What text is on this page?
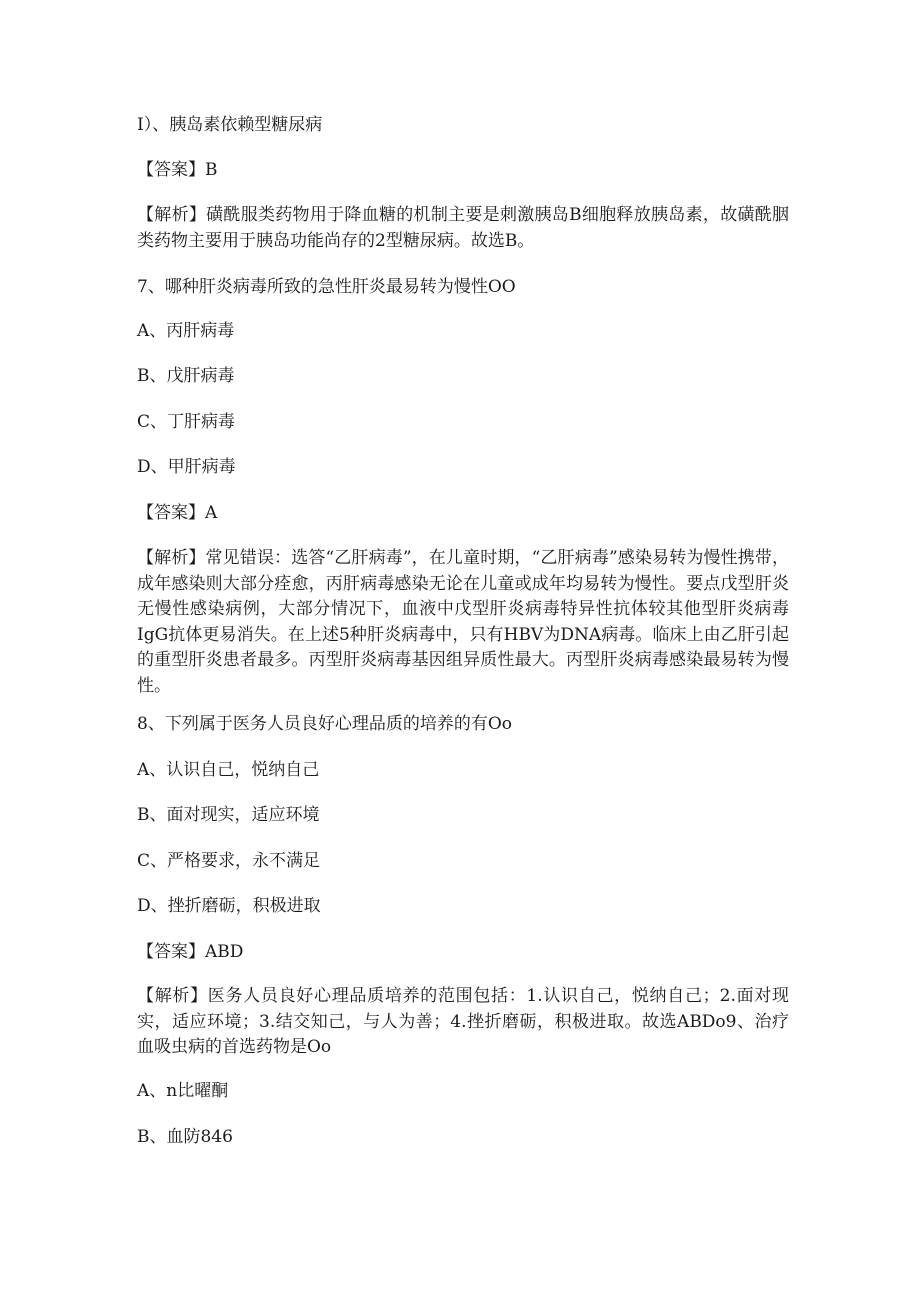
I）、胰岛素依赖型糖尿病
【答案】B
【解析】磺酰服类药物用于降血糖的机制主要是刺激胰岛B细胞释放胰岛素，故磺酰胭类药物主要用于胰岛功能尚存的2型糖尿病。故选B。
7、哪种肝炎病毒所致的急性肝炎最易转为慢性OO
A、丙肝病毒
B、戊肝病毒
C、丁肝病毒
D、甲肝病毒
【答案】A
【解析】常见错误：选答“乙肝病毒”，在儿童时期，“乙肝病毒”感染易转为慢性携带，成年感染则大部分痊愈，丙肝病毒感染无论在儿童或成年均易转为慢性。要点戊型肝炎无慢性感染病例，大部分情况下，血液中戊型肝炎病毒特异性抗体较其他型肝炎病毒IgG抗体更易消失。在上述5种肝炎病毒中，只有HBV为DNA病毒。临床上由乙肝引起的重型肝炎患者最多。丙型肝炎病毒基因组异质性最大。丙型肝炎病毒感染最易转为慢性。
8、下列属于医务人员良好心理品质的培养的有Oo
A、认识自己，悦纳自己
B、面对现实，适应环境
C、严格要求，永不满足
D、挫折磨砺，积极进取
【答案】ABD
【解析】医务人员良好心理品质培养的范围包括：1.认识自己，悦纳自己；2.面对现实，适应环境；3.结交知己，与人为善；4.挫折磨砺，积极进取。故选ABDo9、治疗血吸虫病的首选药物是Oo
A、n比曜酮
B、血防846
